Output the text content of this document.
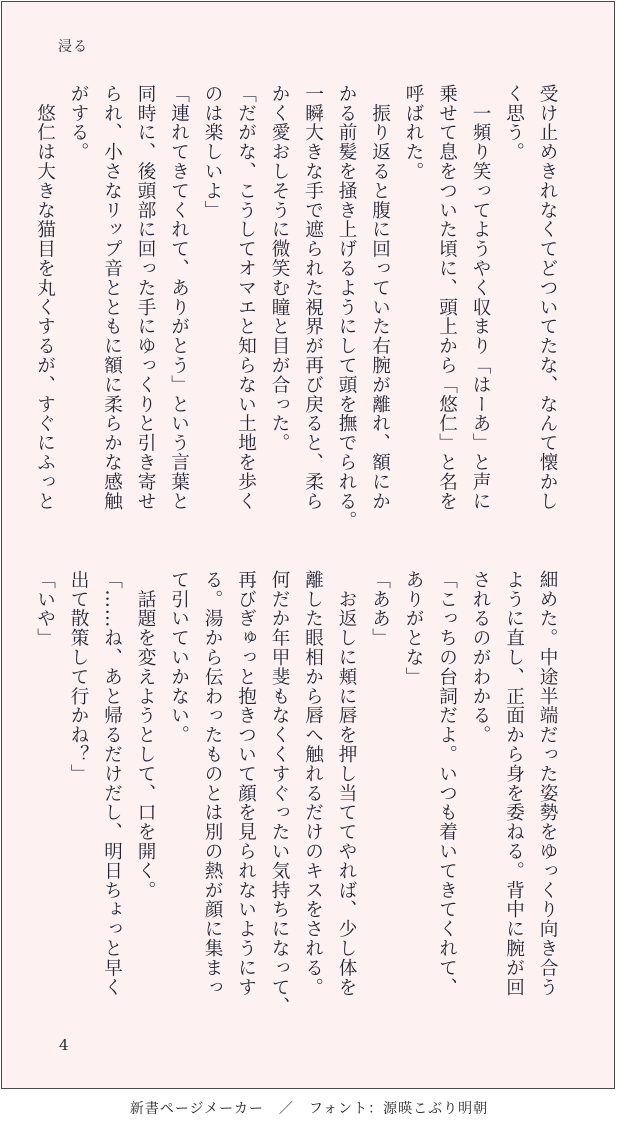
浸る
受け止めきれなくてどついてたな、なんて懐かし
く思う。
　一頻り笑ってようやく収まり「はーあ」と声に
乗せて息をついた頃に、頭上から「悠仁」と名を
呼ばれた。
　振り返ると腹に回っていた右腕が離れ、額にか
かる前髪を掻き上げるようにして頭を撫でられる。
一瞬大きな手で遮られた視界が再び戻ると、柔ら
かく愛おしそうに微笑む瞳と目が合った。
「だがな、こうしてオマエと知らない土地を歩く
のは楽しいよ」
「連れてきてくれて、ありがとう」という言葉と
同時に、後頭部に回った手にゆっくりと引き寄せ
られ、小さなリップ音とともに額に柔らかな感触
がする。
　悠仁は大きな猫目を丸くするが、すぐにふっと
細めた。中途半端だった姿勢をゆっくり向き合う
ように直し、正面から身を委ねる。背中に腕が回
されるのがわかる。
「こっちの台詞だよ。いつも着いてきてくれて、
ありがとな」
「ああ」
　お返しに頬に唇を押し当ててやれば、少し体を
離した眼相から唇へ触れるだけのキスをされる。
何だか年甲斐もなくくすぐったい気持ちになって、
再びぎゅっと抱きついて顔を見られないようにす
る。湯から伝わったものとは別の熱が顔に集まっ
て引いていかない。
　話題を変えようとして、口を開く。
「……ね、あと帰るだけだし、明日ちょっと早く
出て散策して行かね？」
「いや」
4
新書ページメーカー　／　フォント：源暎こぶり明朝
